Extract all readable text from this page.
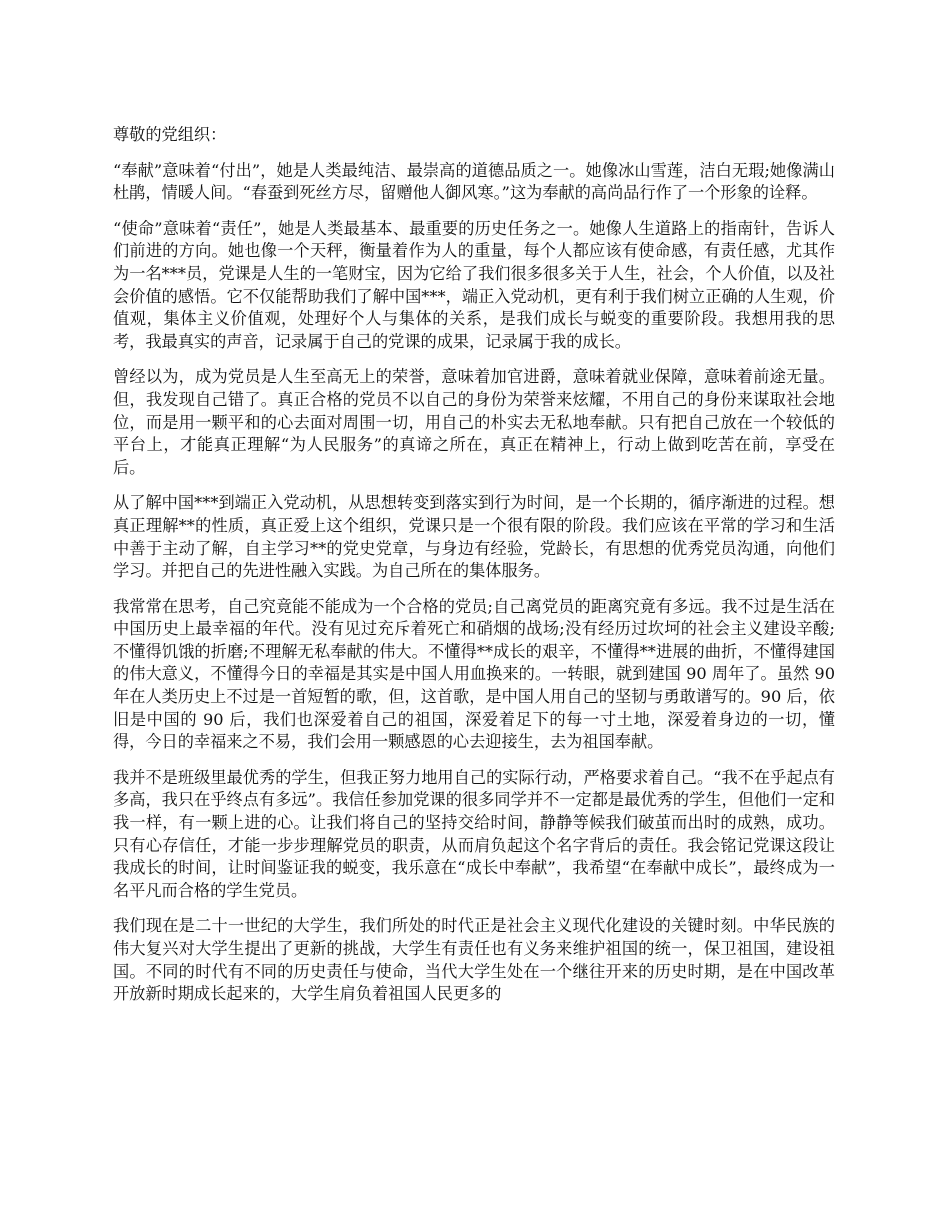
尊敬的党组织：

“奉献”意味着“付出”，她是人类最纯洁、最崇高的道德品质之一。她像冰山雪莲，洁白无瑕;她像满山杜鹃，情暖人间。“春蚕到死丝方尽，留赠他人御风寒。”这为奉献的高尚品行作了一个形象的诠释。

“使命”意味着“责任”，她是人类最基本、最重要的历史任务之一。她像人生道路上的指南针，告诉人们前进的方向。她也像一个天秤，衡量着作为人的重量，每个人都应该有使命感，有责任感，尤其作为一名***员，党课是人生的一笔财宝，因为它给了我们很多很多关于人生，社会，个人价值，以及社会价值的感悟。它不仅能帮助我们了解中国***，端正入党动机，更有利于我们树立正确的人生观，价值观，集体主义价值观，处理好个人与集体的关系，是我们成长与蜕变的重要阶段。我想用我的思考，我最真实的声音，记录属于自己的党课的成果，记录属于我的成长。

曾经以为，成为党员是人生至高无上的荣誉，意味着加官进爵，意味着就业保障，意味着前途无量。但，我发现自己错了。真正合格的党员不以自己的身份为荣誉来炫耀，不用自己的身份来谋取社会地位，而是用一颗平和的心去面对周围一切，用自己的朴实去无私地奉献。只有把自己放在一个较低的平台上，才能真正理解“为人民服务”的真谛之所在，真正在精神上，行动上做到吃苦在前，享受在后。

从了解中国***到端正入党动机，从思想转变到落实到行为时间，是一个长期的，循序渐进的过程。想真正理解**的性质，真正爱上这个组织，党课只是一个很有限的阶段。我们应该在平常的学习和生活中善于主动了解，自主学习**的党史党章，与身边有经验，党龄长，有思想的优秀党员沟通，向他们学习。并把自己的先进性融入实践。为自己所在的集体服务。

我常常在思考，自己究竟能不能成为一个合格的党员;自己离党员的距离究竟有多远。我不过是生活在中国历史上最幸福的年代。没有见过充斥着死亡和硝烟的战场;没有经历过坎坷的社会主义建设辛酸;不懂得饥饿的折磨;不理解无私奉献的伟大。不懂得**成长的艰辛，不懂得**进展的曲折，不懂得建国的伟大意义，不懂得今日的幸福是其实是中国人用血换来的。一转眼，就到建国 90 周年了。虽然 90 年在人类历史上不过是一首短暂的歌，但，这首歌，是中国人用自己的坚韧与勇敢谱写的。90 后，依旧是中国的 90 后，我们也深爱着自己的祖国，深爱着足下的每一寸土地，深爱着身边的一切，懂得，今日的幸福来之不易，我们会用一颗感恩的心去迎接生，去为祖国奉献。

我并不是班级里最优秀的学生，但我正努力地用自己的实际行动，严格要求着自己。“我不在乎起点有多高，我只在乎终点有多远”。我信任参加党课的很多同学并不一定都是最优秀的学生，但他们一定和我一样，有一颗上进的心。让我们将自己的坚持交给时间，静静等候我们破茧而出时的成熟，成功。只有心存信任，才能一步步理解党员的职责，从而肩负起这个名字背后的责任。我会铭记党课这段让我成长的时间，让时间鉴证我的蜕变，我乐意在“成长中奉献”，我希望“在奉献中成长”，最终成为一名平凡而合格的学生党员。

我们现在是二十一世纪的大学生，我们所处的时代正是社会主义现代化建设的关键时刻。中华民族的伟大复兴对大学生提出了更新的挑战，大学生有责任也有义务来维护祖国的统一，保卫祖国，建设祖国。不同的时代有不同的历史责任与使命，当代大学生处在一个继往开来的历史时期，是在中国改革开放新时期成长起来的，大学生肩负着祖国人民更多的
